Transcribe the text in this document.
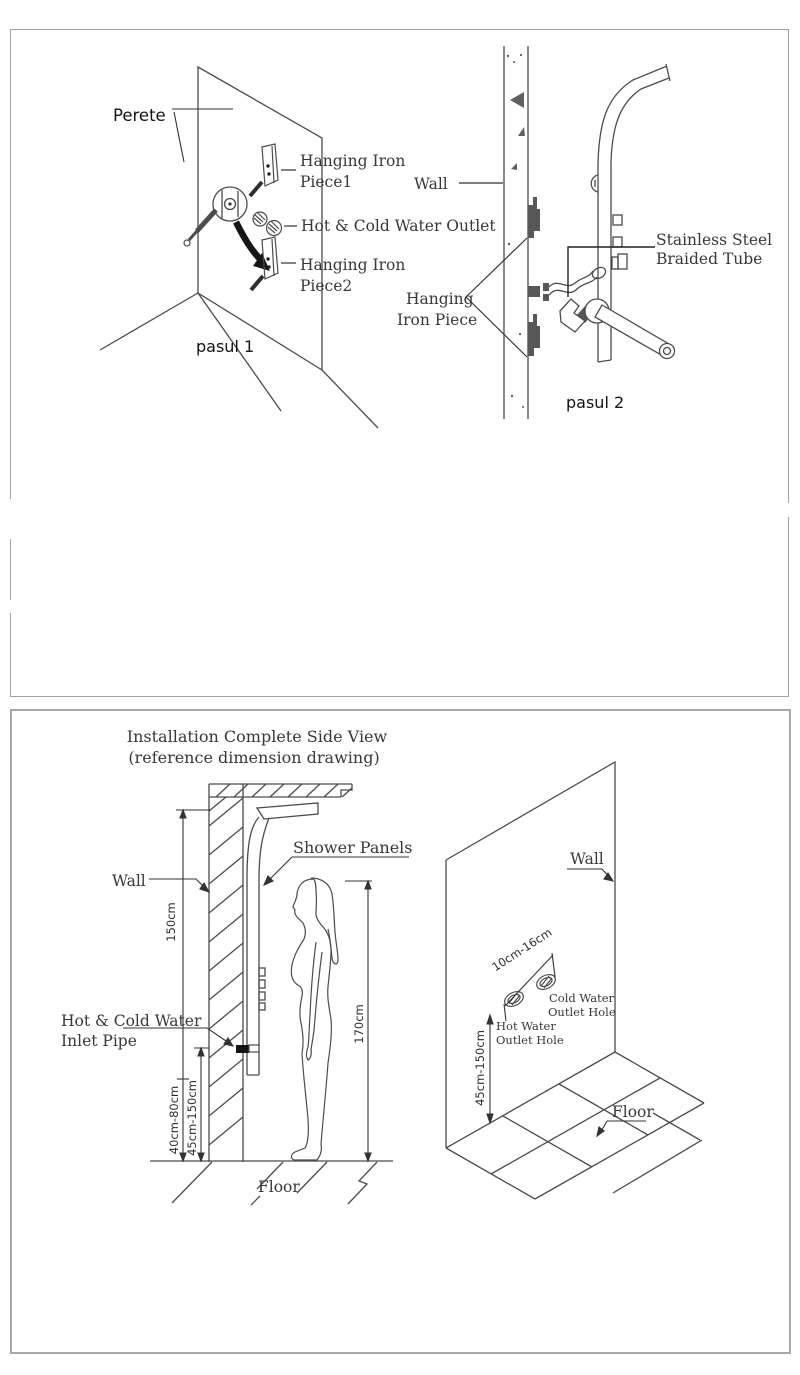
Perete
Hanging Iron
Piece1
Hot & Cold Water Outlet
Hanging Iron
Piece2
pasul 1
Wall
Stainless Steel
Braided Tube
Hanging
Iron Piece
pasul 2
Installation Complete Side View
(reference dimension drawing)
Wall
Shower Panels
Hot & Cold Water
Inlet Pipe
Floor
150cm
170cm
40cm-80cm 45cm-150cm
Wall
10cm-16cm
Cold Water
Outlet Hole
Hot Water
Outlet Hole
45cm-150cm
Floor
